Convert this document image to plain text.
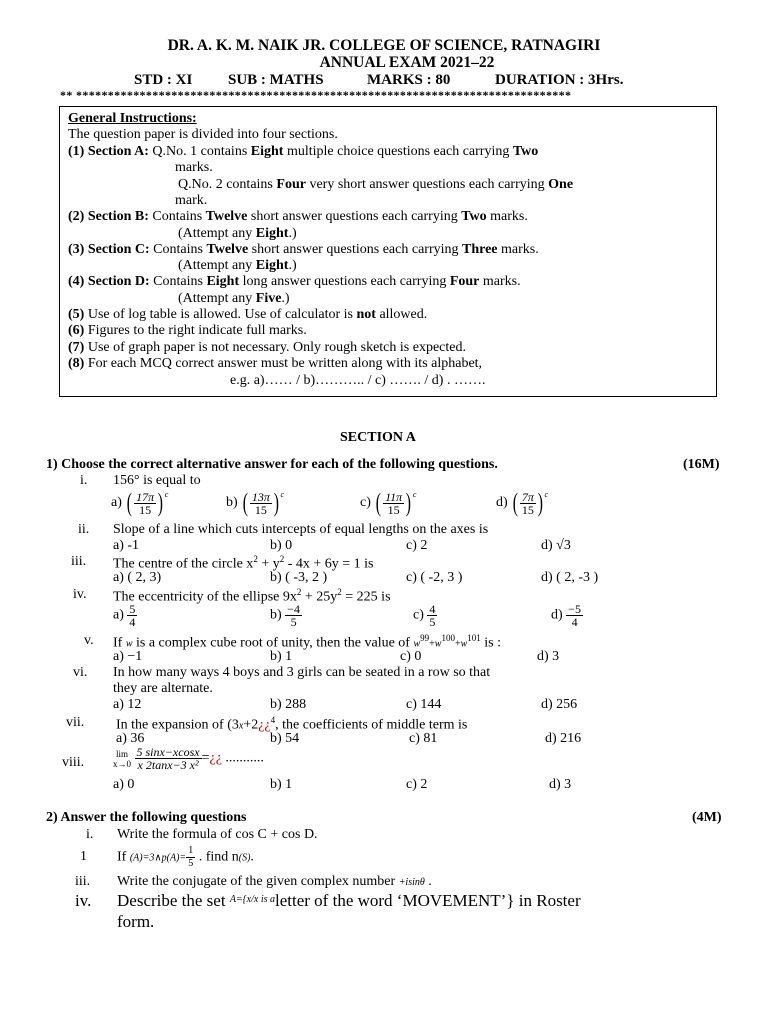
DR. A. K. M. NAIK JR. COLLEGE OF SCIENCE, RATNAGIRI
ANNUAL EXAM 2021–22
STD : XI SUB : MATHS	MARKS : 80	DURATION : 3Hrs.
** ******************************************************************************
General Instructions:
The question paper is divided into four sections.
(1) Section A: Q.No. 1 contains Eight multiple choice questions each carrying Two
marks.
Q.No. 2 contains Four very short answer questions each carrying One
mark.
(2) Section B: Contains Twelve short answer questions each carrying Two marks.
(Attempt any Eight.)
(3) Section C: Contains Twelve short answer questions each carrying Three marks.
(Attempt any Eight.)
(4) Section D: Contains Eight long answer questions each carrying Four marks.
(Attempt any Five.)
(5) Use of log table is allowed. Use of calculator is not allowed.
(6) Figures to the right indicate full marks.
(7) Use of graph paper is not necessary. Only rough sketch is expected.
(8) For each MCQ correct answer must be written along with its alphabet,
e.g. a)…… / b)……….. / c) ……. / d) . …….
SECTION A
1) Choose the correct alternative answer for each of the following questions.	(16M)
i. 156° is equal to
a) ( $\frac{17\pi}{15}$ ) $^c$
b) ( $\frac{13\pi}{15}$ ) $^c$
c) ( $\frac{11\pi}{15}$ ) $^c$
d) ( $\frac{7\pi}{15}$ ) $^c$
ii. Slope of a line which cuts intercepts of equal lengths on the axes is
a) -1	b) 0	c) 2	d) √3
iii. The centre of the circle $x^2 + y^2 - 4x + 6y = 1$ is
a) ( 2, 3)	b) ( -3, 2 )	c) ( -2, 3 )	d) ( 2, -3 )
iv. The eccentricity of the ellipse $9x^2 + 25y^2 = 225$ is
$a) \frac{5}{4}$	$b) \frac{-4}{5}$	$c) \frac{4}{5}$	$d) \frac{-5}{4}$
v. If w is a complex cube root of unity, then the value of $w^{99}+w^{100}+w^{101}$ is :
a) −1	b) 1	c) 0	d) 3
vi. In how many ways 4 boys and 3 girls can be seated in a row so that
they are alternate.
a) 12	b) 288	c) 144	d) 256
vii. In the expansion of (3x+2¿¿$^4$, the coefficients of middle term is
a) 36	b) 54	c) 81	d) 216
viii.
lim
x→0
$\frac{5 \sin x-xcosx}{\text{x 2tanx−3 x²}}$ =¿¿ ...........
a) 0	b) 1	c) 2	d) 3
2) Answer the following questions	(4M)
i. Write the formula of cos C + cos D.
1 If (A)=3∧p(A)= $\frac{1}{5}$ . find n(S).
iii. Write the conjugate of the given complex number +isinθ .
iv. Describe the set $^{A=\{x/x is a}$letter of the word ‘MOVEMENT’} in Roster
form.
